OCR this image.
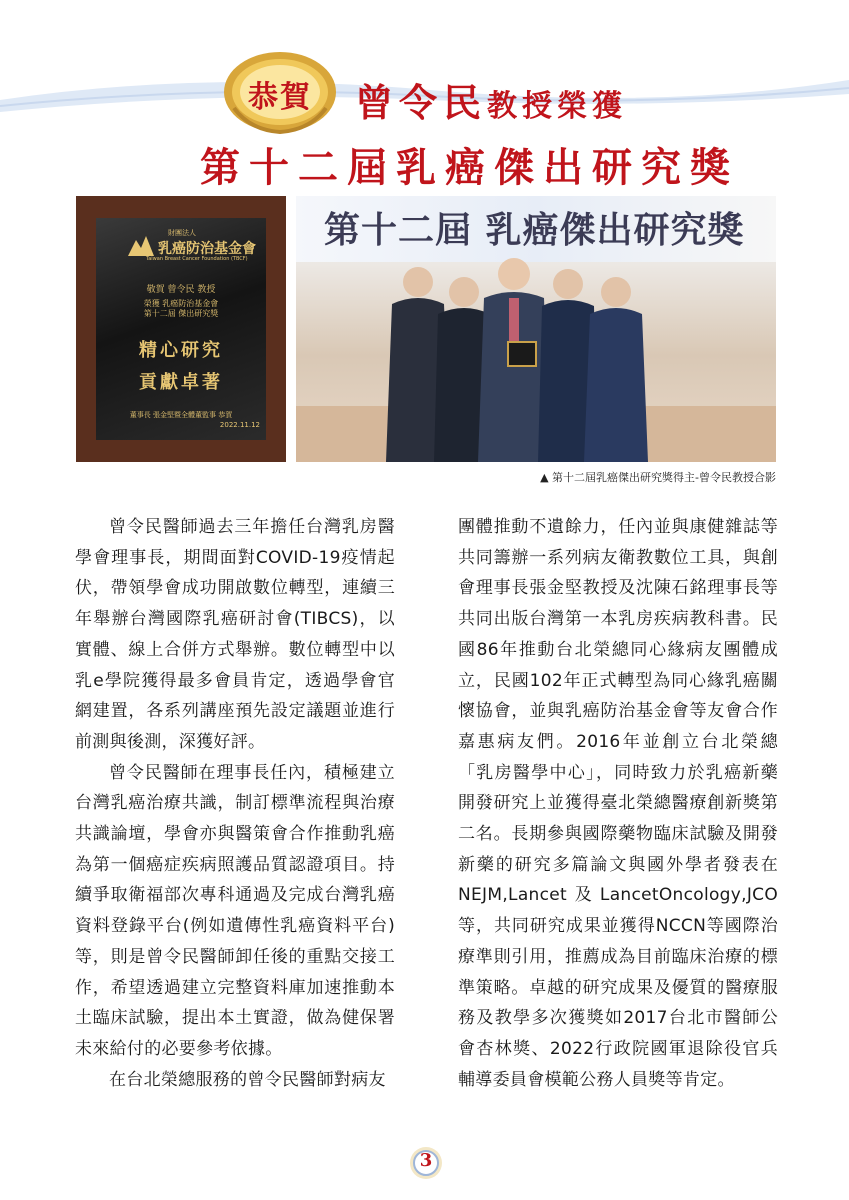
恭賀	曾令民教授榮獲
第十二屆乳癌傑出研究獎
財團法人
乳癌防治基金會
Taiwan Breast Cancer Foundation (TBCF)
敬賀 曾令民 教授
榮獲 乳癌防治基金會
第十二屆 傑出研究獎
精心研究
貢獻卓著
董事長 張金堅暨全體董監事 恭賀
2022.11.12
第十二屆 乳癌傑出研究獎
▲ 第十二屆乳癌傑出研究獎得主-曾令民教授合影

曾令民醫師過去三年擔任台灣乳房醫學會理事長，期間面對COVID-19疫情起伏，帶領學會成功開啟數位轉型，連續三年舉辦台灣國際乳癌研討會(TIBCS)，以實體、線上合併方式舉辦。數位轉型中以乳e學院獲得最多會員肯定，透過學會官網建置，各系列講座預先設定議題並進行前測與後測，深獲好評。

曾令民醫師在理事長任內，積極建立台灣乳癌治療共識，制訂標準流程與治療共識論壇，學會亦與醫策會合作推動乳癌為第一個癌症疾病照護品質認證項目。持續爭取衛福部次專科通過及完成台灣乳癌資料登錄平台(例如遺傳性乳癌資料平台)等，則是曾令民醫師卸任後的重點交接工作，希望透過建立完整資料庫加速推動本土臨床試驗，提出本土實證，做為健保署未來給付的必要參考依據。

在台北榮總服務的曾令民醫師對病友

團體推動不遺餘力，任內並與康健雜誌等共同籌辦一系列病友衛教數位工具，與創會理事長張金堅教授及沈陳石銘理事長等共同出版台灣第一本乳房疾病教科書。民國86年推動台北榮總同心緣病友團體成立，民國102年正式轉型為同心緣乳癌關懷協會，並與乳癌防治基金會等友會合作嘉惠病友們。2016年並創立台北榮總「乳房醫學中心」，同時致力於乳癌新藥開發研究上並獲得臺北榮總醫療創新獎第二名。長期參與國際藥物臨床試驗及開發新藥的研究多篇論文與國外學者發表在NEJM,Lancet及LancetOncology,JCO等，共同研究成果並獲得NCCN等國際治療準則引用，推薦成為目前臨床治療的標準策略。卓越的研究成果及優質的醫療服務及教學多次獲獎如2017台北市醫師公會杏林獎、2022行政院國軍退除役官兵輔導委員會模範公務人員獎等肯定。

3
